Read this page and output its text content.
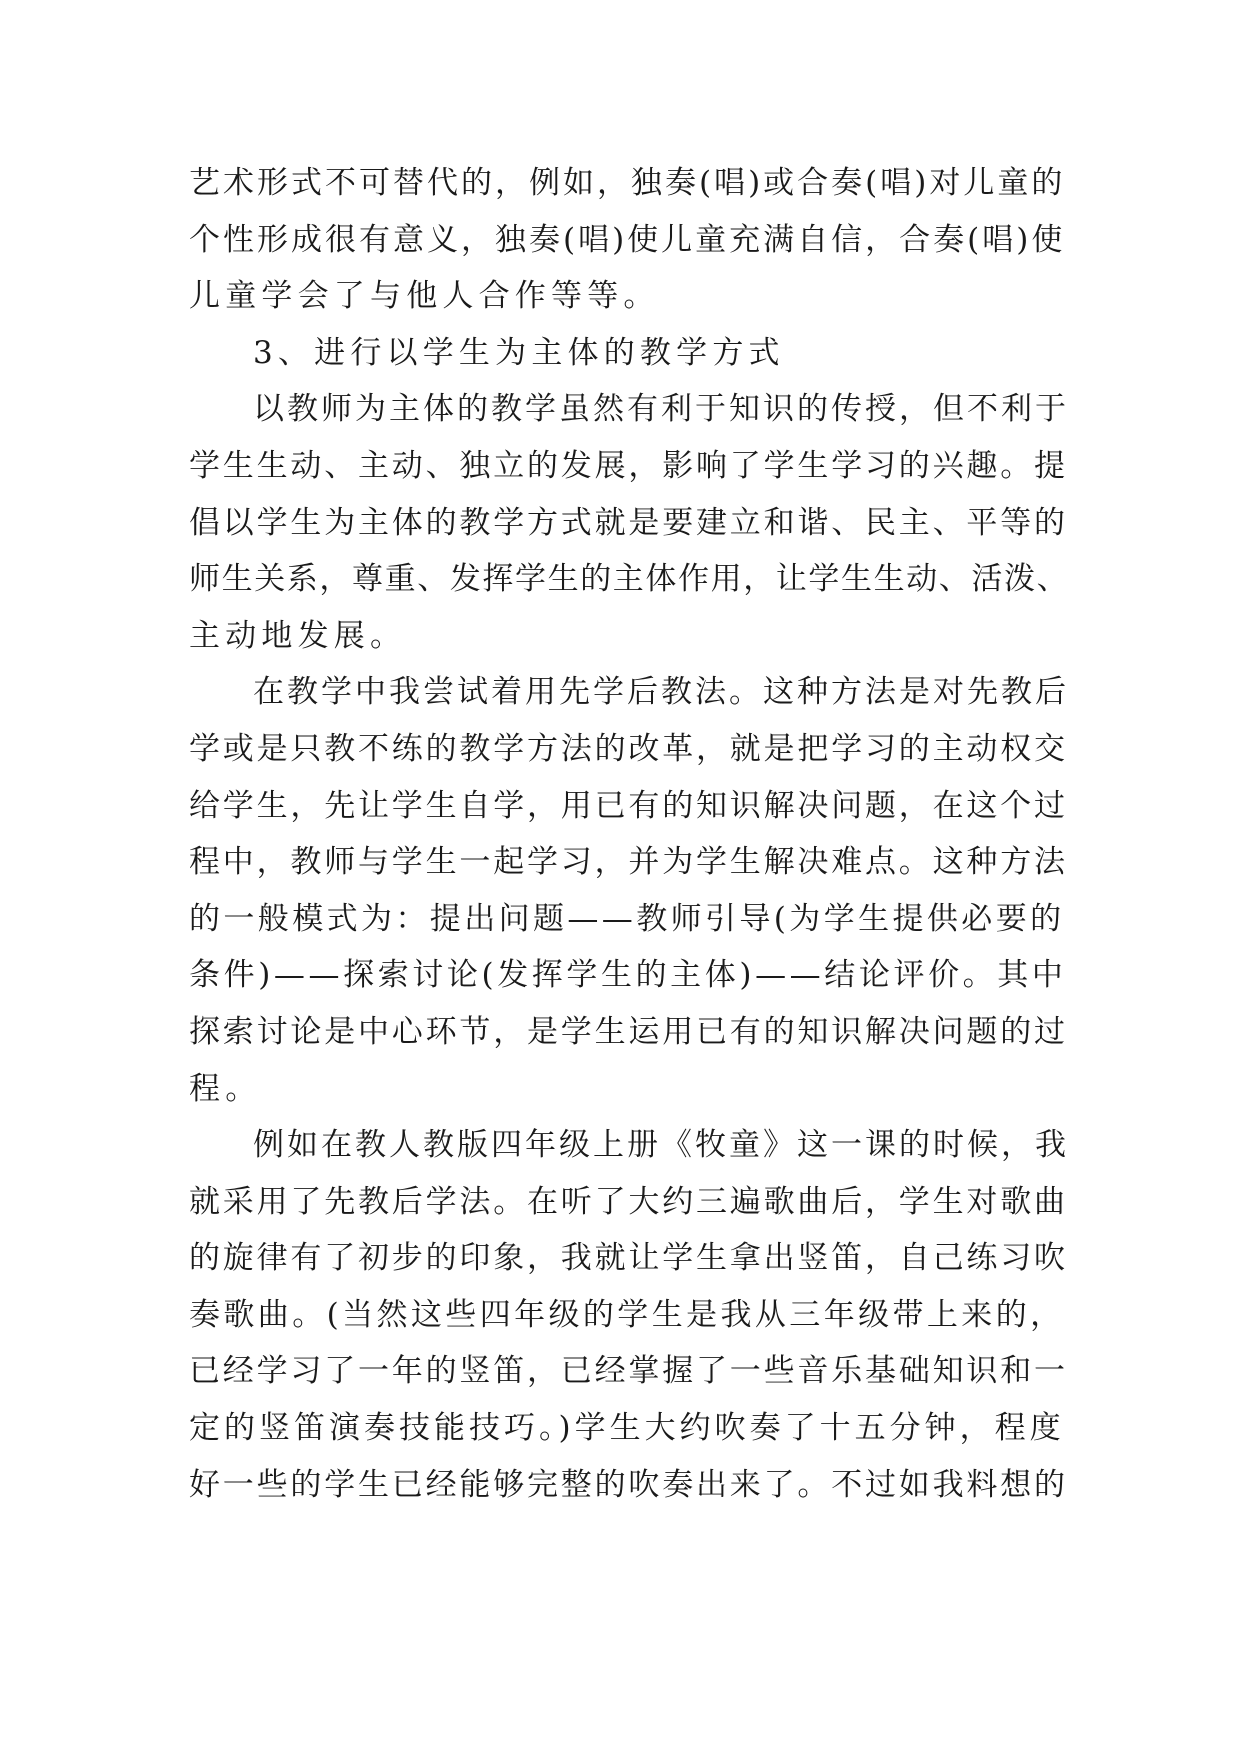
艺术形式不可替代的，例如，独奏(唱)或合奏(唱)对儿童的
个性形成很有意义，独奏(唱)使儿童充满自信，合奏(唱)使
儿童学会了与他人合作等等。
3、进行以学生为主体的教学方式
以教师为主体的教学虽然有利于知识的传授，但不利于
学生生动、主动、独立的发展，影响了学生学习的兴趣。提
倡以学生为主体的教学方式就是要建立和谐、民主、平等的
师生关系，尊重、发挥学生的主体作用，让学生生动、活泼、
主动地发展。
在教学中我尝试着用先学后教法。这种方法是对先教后
学或是只教不练的教学方法的改革，就是把学习的主动权交
给学生，先让学生自学，用已有的知识解决问题，在这个过
程中，教师与学生一起学习，并为学生解决难点。这种方法
的一般模式为：提出问题——教师引导(为学生提供必要的
条件)——探索讨论(发挥学生的主体)——结论评价。其中
探索讨论是中心环节，是学生运用已有的知识解决问题的过
程。
例如在教人教版四年级上册《牧童》这一课的时候，我
就采用了先教后学法。在听了大约三遍歌曲后，学生对歌曲
的旋律有了初步的印象，我就让学生拿出竖笛，自己练习吹
奏歌曲。(当然这些四年级的学生是我从三年级带上来的，
已经学习了一年的竖笛，已经掌握了一些音乐基础知识和一
定的竖笛演奏技能技巧。)学生大约吹奏了十五分钟，程度
好一些的学生已经能够完整的吹奏出来了。不过如我料想的
